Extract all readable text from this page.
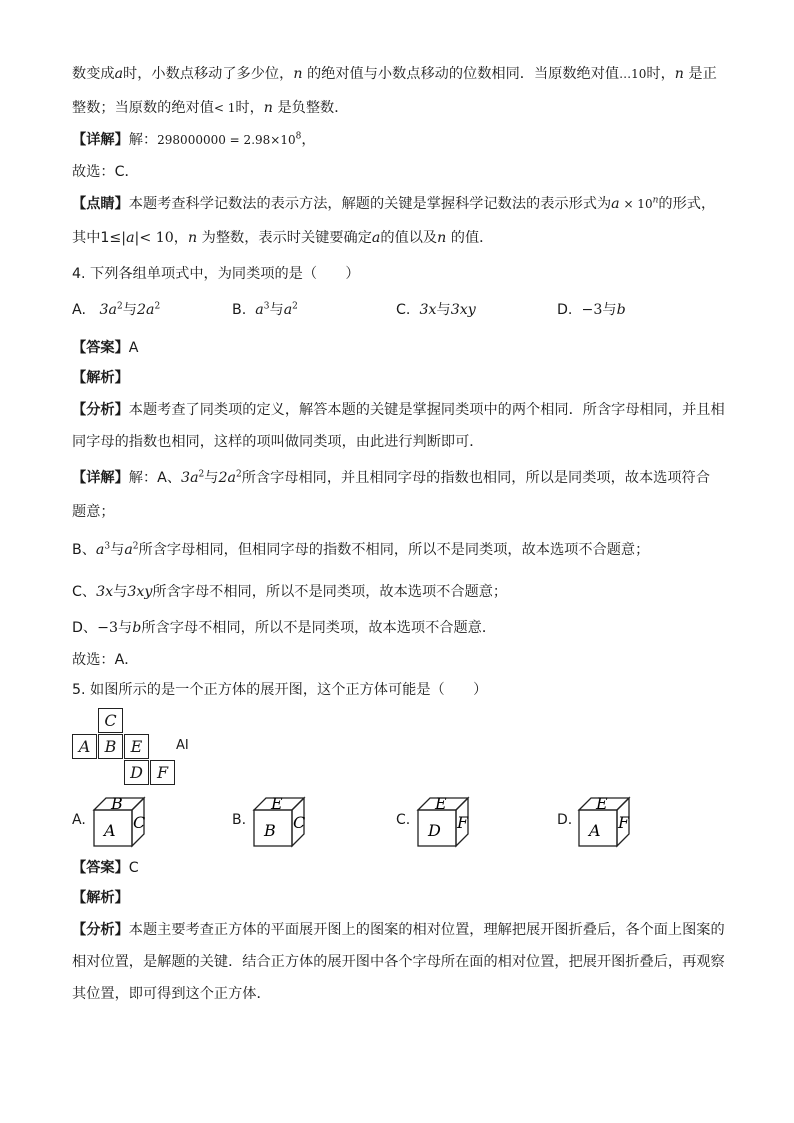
数变成a时，小数点移动了多少位，n 的绝对值与小数点移动的位数相同．当原数绝对值…10时，n 是正
整数；当原数的绝对值< 1时，n 是负整数．
【详解】解：$298000000 = 2.98\times 10^8$，
故选：C．
【点睛】本题考查科学记数法的表示方法，解题的关键是掌握科学记数法的表示形式为$a \times 10^n$的形式，
其中1≤|a|< 10，n 为整数，表示时关键要确定a的值以及n 的值．
4. 下列各组单项式中，为同类项的是（　　）
A. $3a^2$与$2a^2$	B. $a^3$与$a^2$	C. 3x与3xy	D. −3与b
【答案】A
【解析】
【分析】本题考查了同类项的定义，解答本题的关键是掌握同类项中的两个相同．所含字母相同，并且相
同字母的指数也相同，这样的项叫做同类项，由此进行判断即可．
【详解】解：A、$3a^2$与$2a^2$所含字母相同，并且相同字母的指数也相同，所以是同类项，故本选项符合
题意；
B、$a^3$与$a^2$所含字母相同，但相同字母的指数不相同，所以不是同类项，故本选项不合题意；
C、3x与3xy所含字母不相同，所以不是同类项，故本选项不合题意；
D、−3与b所含字母不相同，所以不是同类项，故本选项不合题意．
故选：A．
5. 如图所示的是一个正方体的展开图，这个正方体可能是（　　）
C
A B E
D F
AI
A.
B
A C	B.
E
B C	C.
E
D F	D.
E
A F
【答案】C
【解析】
【分析】本题主要考查正方体的平面展开图上的图案的相对位置，理解把展开图折叠后，各个面上图案的
相对位置，是解题的关键．结合正方体的展开图中各个字母所在面的相对位置，把展开图折叠后，再观察
其位置，即可得到这个正方体．
